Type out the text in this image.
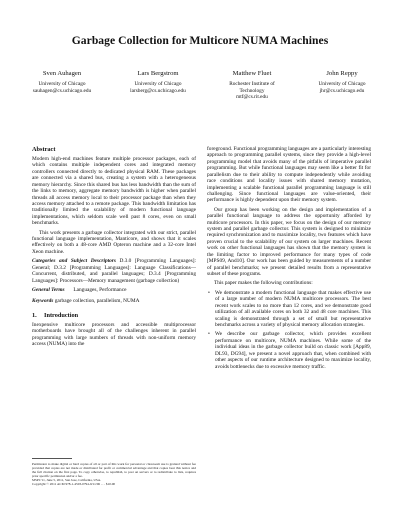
Garbage Collection for Multicore NUMA Machines
Sven Auhagen
University of Chicago
sauhagen@cs.uchicago.edu
Lars Bergstrom
University of Chicago
larsberg@cs.uchicago.edu
Matthew Fluet
Rochester Institute of
Technology
mtf@cs.rit.edu
John Reppy
University of Chicago
jhr@cs.uchicago.edu
Abstract

Modern high-end machines feature multiple processor packages, each of which contains multiple independent cores and integrated memory controllers connected directly to dedicated physical RAM. These packages are connected via a shared bus, creating a system with a heterogeneous memory hierarchy. Since this shared bus has less bandwidth than the sum of the links to memory, aggregate memory bandwidth is higher when parallel threads all access memory local to their processor package than when they access memory attached to a remote package. This bandwidth limitation has traditionally limited the scalability of modern functional language implementations, which seldom scale well past 8 cores, even on small benchmarks.

This work presents a garbage collector integrated with our strict, parallel functional language implementation, Manticore, and shows that it scales effectively on both a 48-core AMD Opteron machine and a 32-core Intel Xeon machine.

Categories and Subject Descriptors D.3.0 [Programming Languages]: General; D.3.2 [Programming Languages]: Language Classifications—Concurrent, distributed, and parallel languages; D.3.4 [Programming Languages]: Processors—Memory management (garbage collection)

General Terms Languages, Performance

Keywords garbage collection, parallelism, NUMA

1. Introduction

Inexpensive multicore processors and accessible multiprocessor motherboards have brought all of the challenges inherent in parallel programming with large numbers of threads with non-uniform memory access (NUMA) into the

Permission to make digital or hard copies of all or part of this work for personal or classroom use is granted without fee provided that copies are not made or distributed for profit or commercial advantage and that copies bear this notice and the full citation on the first page. To copy otherwise, to republish, to post on servers or to redistribute to lists, requires prior specific permission and/or a fee.
MSPC'11, June 5, 2011, San Jose, California, USA.
Copyright © 2011 ACM 978-1-4503-0794-9/11/06 . . . $10.00

foreground. Functional programming languages are a particularly interesting approach to programming parallel systems, since they provide a high-level programming model that avoids many of the pitfalls of imperative parallel programming. But while functional languages may seem like a better fit for parallelism due to their ability to compute independently while avoiding race conditions and locality issues with shared memory mutation, implementing a scalable functional parallel programming language is still challenging. Since functional languages are value-oriented, their performance is highly dependent upon their memory system.

Our group has been working on the design and implementation of a parallel functional language to address the opportunity afforded by multicore processors. In this paper, we focus on the design of our memory system and parallel garbage collector. This system is designed to minimize required synchronization and to maximize locality, two features which have proven crucial to the scalability of our system on larger machines. Recent work on other functional languages has shown that the memory system is the limiting factor to improved performance for many types of code [MPS09, And10]. Our work has been guided by measurements of a number of parallel benchmarks; we present detailed results from a representative subset of these programs.

This paper makes the following contributions:

• We demonstrate a modern functional language that makes effective use of a large number of modern NUMA multicore processors. The best recent work scales to no more than 12 cores, and we demonstrate good utilization of all available cores on both 32 and 48 core machines. This scaling is demonstrated through a set of small but representative benchmarks across a variety of physical memory allocation strategies.
• We describe our garbage collector, which provides excellent performance on multicore, NUMA machines. While some of the individual ideas in the garbage collector build on classic work [App89, DL93, DG94], we present a novel approach that, when combined with other aspects of our runtime architecture designed to maximize locality, avoids bottlenecks due to excessive memory traffic.
